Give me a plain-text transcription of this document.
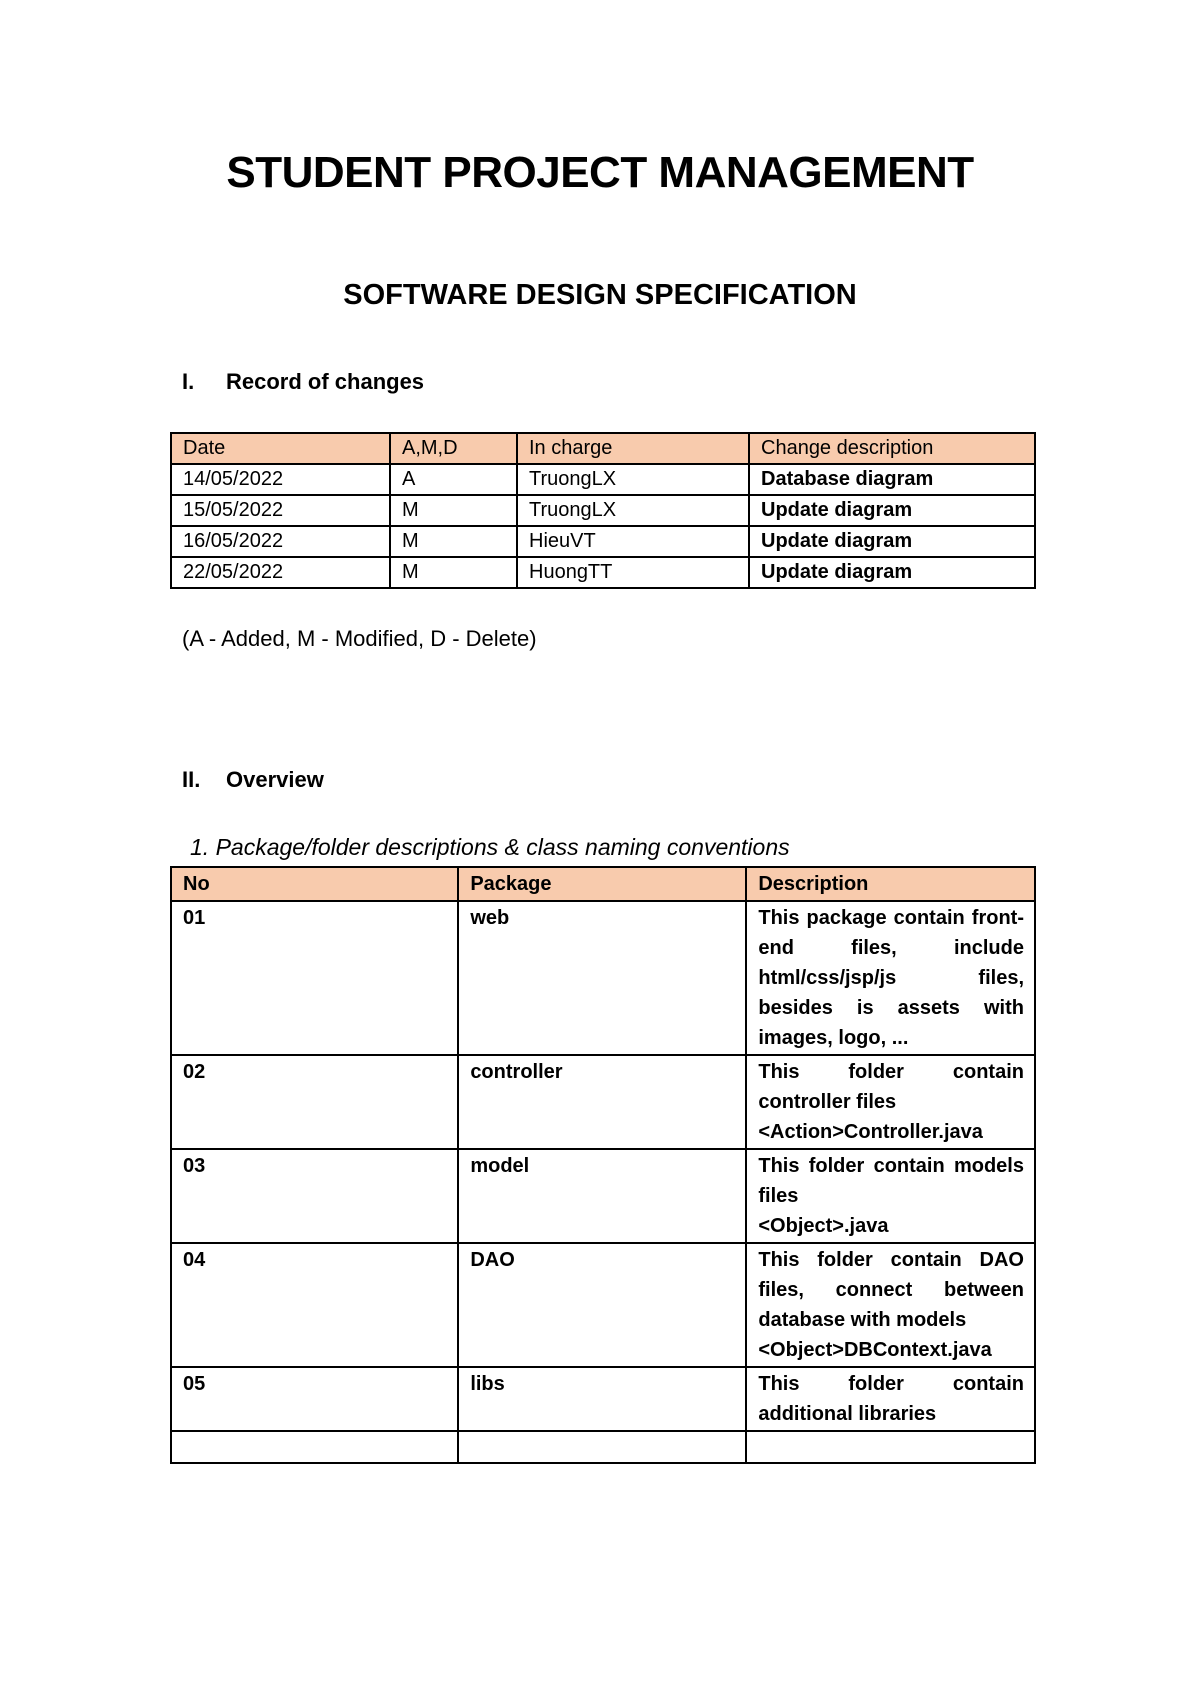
STUDENT PROJECT MANAGEMENT
SOFTWARE DESIGN SPECIFICATION
I. Record of changes
Date	A,M,D	In charge	Change description
14/05/2022	A	TruongLX	Database diagram
15/05/2022	M	TruongLX	Update diagram
16/05/2022	M	HieuVT	Update diagram
22/05/2022	M	HuongTT	Update diagram
(A - Added, M - Modified, D - Delete)
II. Overview
1. Package/folder descriptions & class naming conventions
No	Package	Description
01	web	This package contain front-end files, include html/css/jsp/js files, besides is assets with images, logo, ...

02	controller	This folder contain controller files
<Action>Controller.java

03	model	This folder contain models files
<Object>.java

04	DAO	This folder contain DAO files, connect between database with models
<Object>DBContext.java

05	libs	This folder contain additional libraries
